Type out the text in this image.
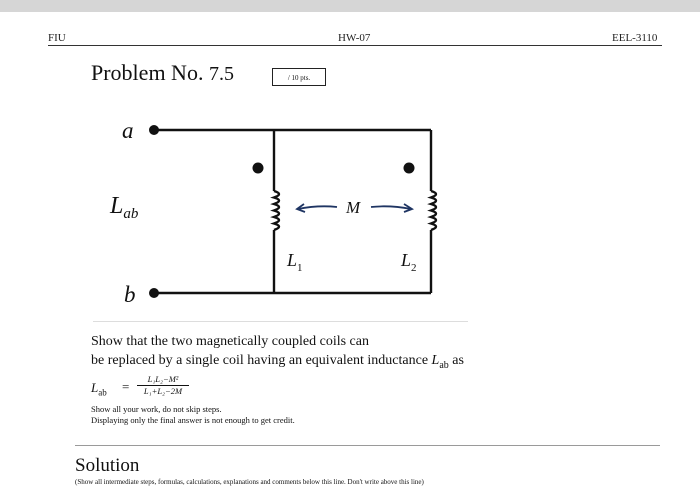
FIU	HW-07	EEL-3110
Problem No. 7.5	/ 10 pts.
a
b
$L_{ab}$	M
$L_1$	$L_2$
Show that the two magnetically coupled coils can
be replaced by a single coil having an equivalent inductance $L_{ab}$ as
$L_{ab} = \frac{\text{L₁L₂−M²}}{\text{L₁+L₂−2M}}$
Show all your work, do not skip steps.
Displaying only the final answer is not enough to get credit.
Solution
(Show all intermediate steps, formulas, calculations, explanations and comments below this line. Don't write above this line)
